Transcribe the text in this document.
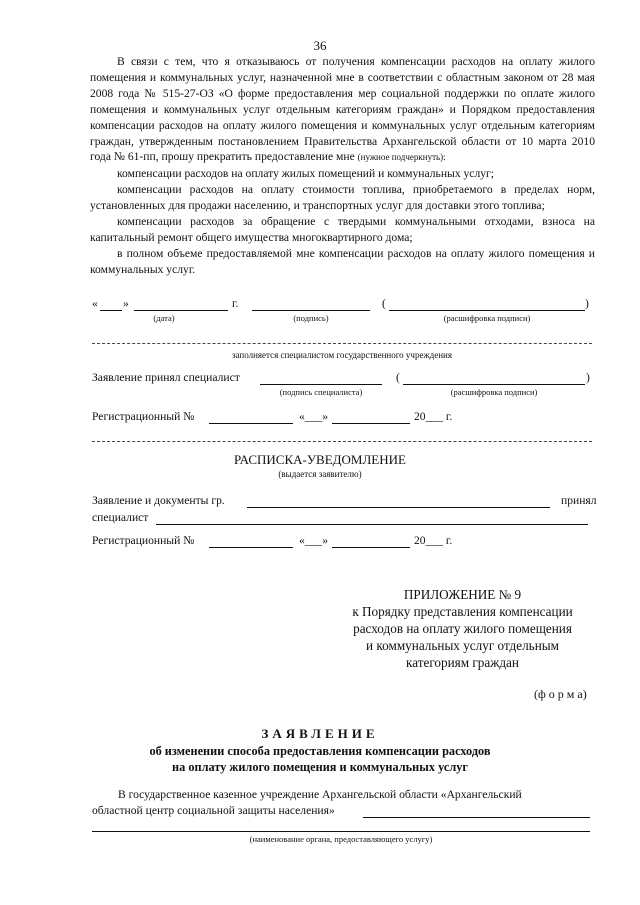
36

В связи с тем, что я отказываюсь от получения компенсации расходов на оплату жилого помещения и коммунальных услуг, назначенной мне в соответствии с областным законом от 28 мая 2008 года № 515-27-ОЗ «О форме предоставления мер социальной поддержки по оплате жилого помещения и коммунальных услуг отдельным категориям граждан» и Порядком предоставления компенсации расходов на оплату жилого помещения и коммунальных услуг отдельным категориям граждан, утвержденным постановлением Правительства Архангельской области от 10 марта 2010 года № 61-пп, прошу прекратить предоставление мне (нужное подчеркнуть):

компенсации расходов на оплату жилых помещений и коммунальных услуг;

компенсации расходов на оплату стоимости топлива, приобретаемого в пределах норм, установленных для продажи населению, и транспортных услуг для доставки этого топлива;

компенсации расходов за обращение с твердыми коммунальными отходами, взноса на капитальный ремонт общего имущества многоквартирного дома;

в полном объеме предоставляемой мне компенсации расходов на оплату жилого помещения и коммунальных услуг.

« »	г.	(	)
(дата)	(подпись)	(расшифровка подписи)
заполняется специалистом государственного учреждения
Заявление принял специалист	(	)
(подпись специалиста)	(расшифровка подписи)
Регистрационный №	«___»	20___ г.
РАСПИСКА-УВЕДОМЛЕНИЕ
(выдается заявителю)
Заявление и документы гр.	принял
специалист
Регистрационный №	«___»	20___ г.
ПРИЛОЖЕНИЕ № 9
к Порядку представления компенсации
расходов на оплату жилого помещения
и коммунальных услуг отдельным
категориям граждан
(ф о р м а)
ЗАЯВЛЕНИЕ
об изменении способа предоставления компенсации расходов
на оплату жилого помещения и коммунальных услуг
В государственное казенное учреждение Архангельской области «Архангельский
областной центр социальной защиты населения»
(наименование органа, предоставляющего услугу)
